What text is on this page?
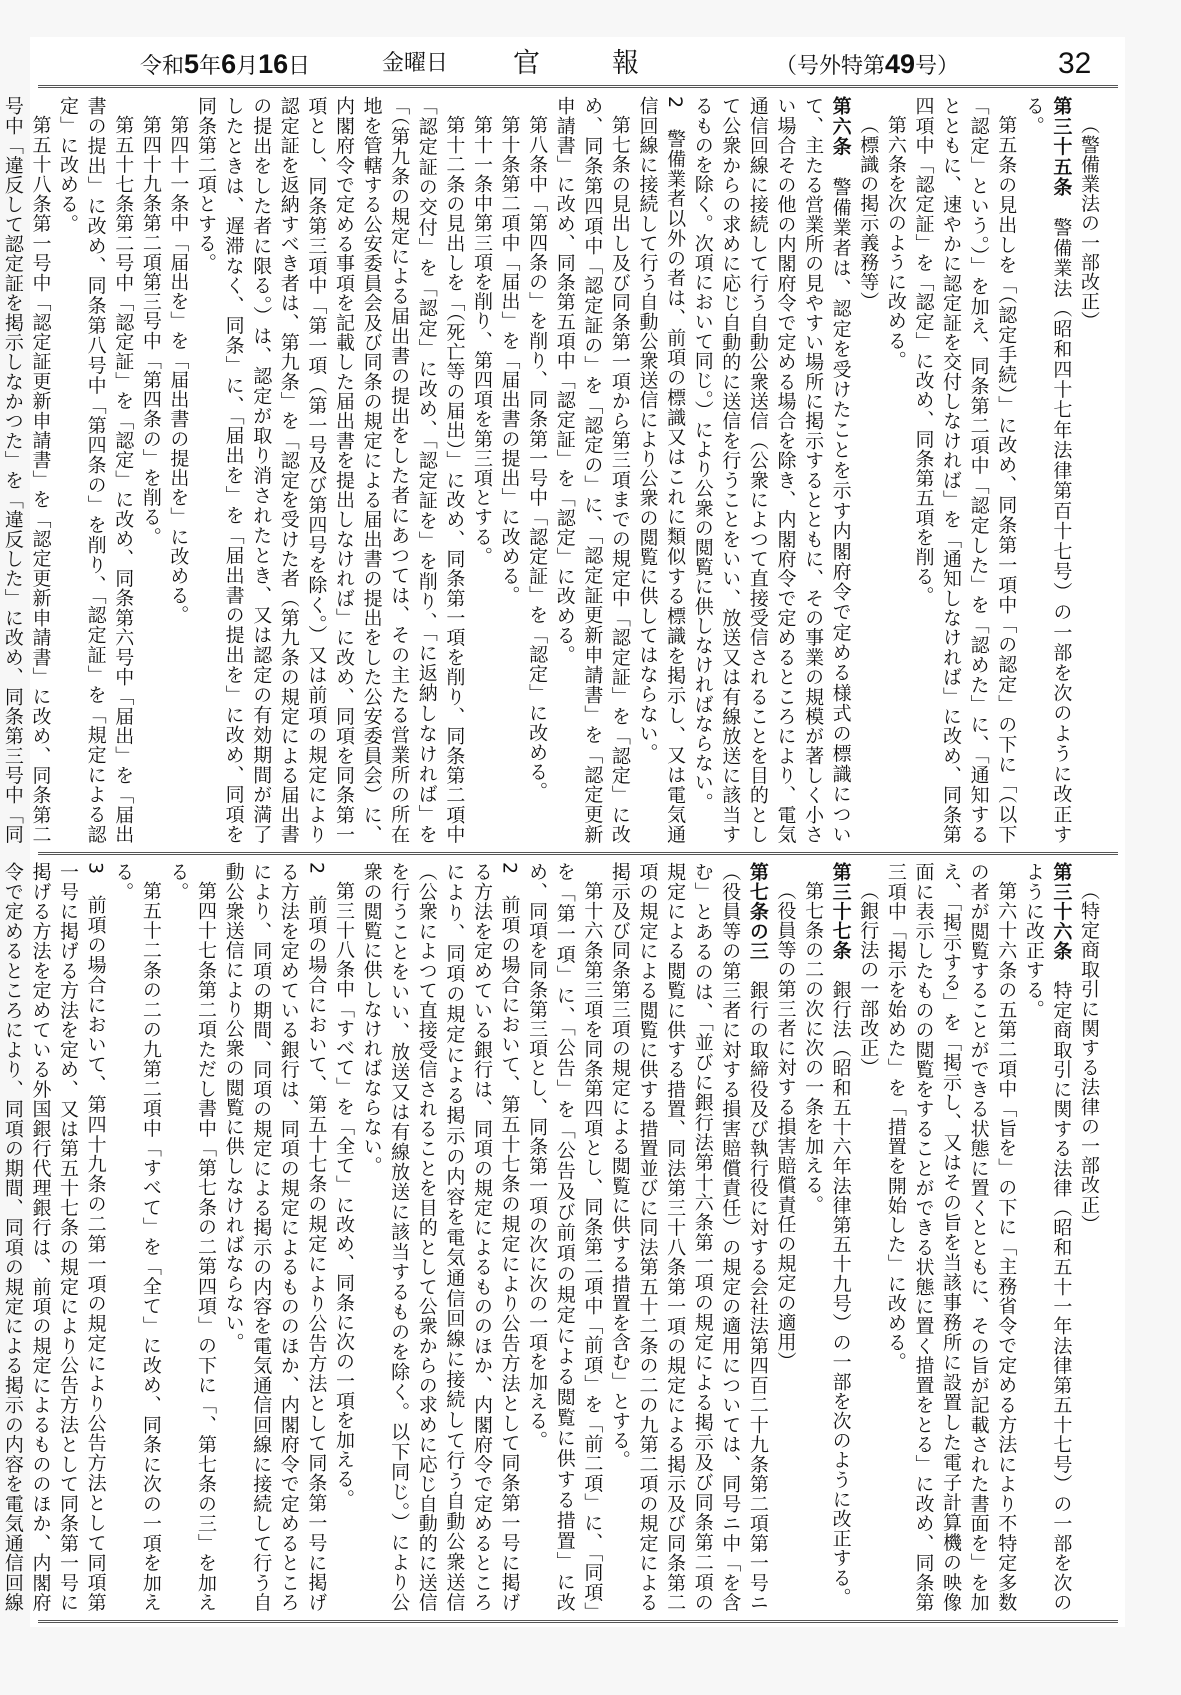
令和5年6月16日	金曜日 官	報	（号外特第49号）	32

（警備業法の一部改正）

第三十五条　警備業法（昭和四十七年法律第百十七号）の一部を次のように改正する。

第五条の見出しを「（認定手続）」に改め、同条第一項中「の認定」の下に「（以下「認定」という。）」を加え、同条第二項中「認定した」を「認めた」に、「通知するとともに、速やかに認定証を交付しなければ」を「通知しなければ」に改め、同条第四項中「認定証」を「認定」に改め、同条第五項を削る。

第六条を次のように改める。

（標識の掲示義務等）

第六条　警備業者は、認定を受けたことを示す内閣府令で定める様式の標識について、主たる営業所の見やすい場所に掲示するとともに、その事業の規模が著しく小さい場合その他の内閣府令で定める場合を除き、内閣府令で定めるところにより、電気通信回線に接続して行う自動公衆送信（公衆によつて直接受信されることを目的として公衆からの求めに応じ自動的に送信を行うことをいい、放送又は有線放送に該当するものを除く。次項において同じ。）により公衆の閲覧に供しなければならない。

2　警備業者以外の者は、前項の標識又はこれに類似する標識を掲示し、又は電気通信回線に接続して行う自動公衆送信により公衆の閲覧に供してはならない。

第七条の見出し及び同条第一項から第三項までの規定中「認定証」を「認定」に改め、同条第四項中「認定証の」を「認定の」に、「認定証更新申請書」を「認定更新申請書」に改め、同条第五項中「認定証」を「認定」に改める。

第八条中「第四条の」を削り、同条第一号中「認定証」を「認定」に改める。

第十条第二項中「届出」を「届出書の提出」に改める。

第十一条中第三項を削り、第四項を第三項とする。

第十二条の見出しを「（死亡等の届出）」に改め、同条第一項を削り、同条第二項中「認定証の交付」を「認定」に改め、「認定証を」を削り、「に返納しなければ」を「（第九条の規定による届出書の提出をした者にあつては、その主たる営業所の所在地を管轄する公安委員会及び同条の規定による届出書の提出をした公安委員会）に、内閣府令で定める事項を記載した届出書を提出しなければ」に改め、同項を同条第一項とし、同条第三項中「第一項（第一号及び第四号を除く。）又は前項の規定により認定証を返納すべき者は、第九条」を「認定を受けた者（第九条の規定による届出書の提出をした者に限る。）は、認定が取り消されたとき、又は認定の有効期間が満了したときは、遅滞なく、同条」に、「届出を」を「届出書の提出を」に改め、同項を同条第二項とする。

第四十一条中「届出を」を「届出書の提出を」に改める。

第四十九条第二項第三号中「第四条の」を削る。

第五十七条第二号中「認定証」を「認定」に改め、同条第六号中「届出」を「届出書の提出」に改め、同条第八号中「第四条の」を削り、「認定証」を「規定による認定」に改める。

第五十八条第一号中「認定証更新申請書」を「認定更新申請書」に改め、同条第二号中「違反して認定証を掲示しなかつた」を「違反した」に改め、同条第三号中「同

（特定商取引に関する法律の一部改正）

第三十六条　特定商取引に関する法律（昭和五十一年法律第五十七号）の一部を次のように改正する。

第六十六条の五第二項中「旨を」の下に「主務省令で定める方法により不特定多数の者が閲覧することができる状態に置くとともに、その旨が記載された書面を」を加え、「掲示する」を「掲示し、又はその旨を当該事務所に設置した電子計算機の映像面に表示したものの閲覧をすることができる状態に置く措置をとる」に改め、同条第三項中「掲示を始めた」を「措置を開始した」に改める。

（銀行法の一部改正）

第三十七条　銀行法（昭和五十六年法律第五十九号）の一部を次のように改正する。

第七条の二の次に次の一条を加える。

（役員等の第三者に対する損害賠償責任の規定の適用）

第七条の三　銀行の取締役及び執行役に対する会社法第四百二十九条第二項第一号ニ（役員等の第三者に対する損害賠償責任）の規定の適用については、同号ニ中「を含む」とあるのは、「並びに銀行法第十六条第一項の規定による掲示及び同条第二項の規定による閲覧に供する措置、同法第三十八条第一項の規定による掲示及び同条第二項の規定による閲覧に供する措置並びに同法第五十二条の二の九第二項の規定による掲示及び同条第三項の規定による閲覧に供する措置を含む」とする。

第十六条第三項を同条第四項とし、同条第二項中「前項」を「前二項」に、「同項」を「第一項」に、「公告」を「公告及び前項の規定による閲覧に供する措置」に改め、同項を同条第三項とし、同条第一項の次に次の一項を加える。

2　前項の場合において、第五十七条の規定により公告方法として同条第一号に掲げる方法を定めている銀行は、同項の規定によるもののほか、内閣府令で定めるところにより、同項の規定による掲示の内容を電気通信回線に接続して行う自動公衆送信（公衆によつて直接受信されることを目的として公衆からの求めに応じ自動的に送信を行うことをいい、放送又は有線放送に該当するものを除く。以下同じ。）により公衆の閲覧に供しなければならない。

第三十八条中「すべて」を「全て」に改め、同条に次の一項を加える。

2　前項の場合において、第五十七条の規定により公告方法として同条第一号に掲げる方法を定めている銀行は、同項の規定によるもののほか、内閣府令で定めるところにより、同項の期間、同項の規定による掲示の内容を電気通信回線に接続して行う自動公衆送信により公衆の閲覧に供しなければならない。

第四十七条第二項ただし書中「第七条の二第四項」の下に「、第七条の三」を加える。

第五十二条の二の九第二項中「すべて」を「全て」に改め、同条に次の一項を加える。

3　前項の場合において、第四十九条の二第一項の規定により公告方法として同項第一号に掲げる方法を定め、又は第五十七条の規定により公告方法として同条第一号に掲げる方法を定めている外国銀行代理銀行は、前項の規定によるもののほか、内閣府令で定めるところにより、同項の期間、同項の規定による掲示の内容を電気通信回線
